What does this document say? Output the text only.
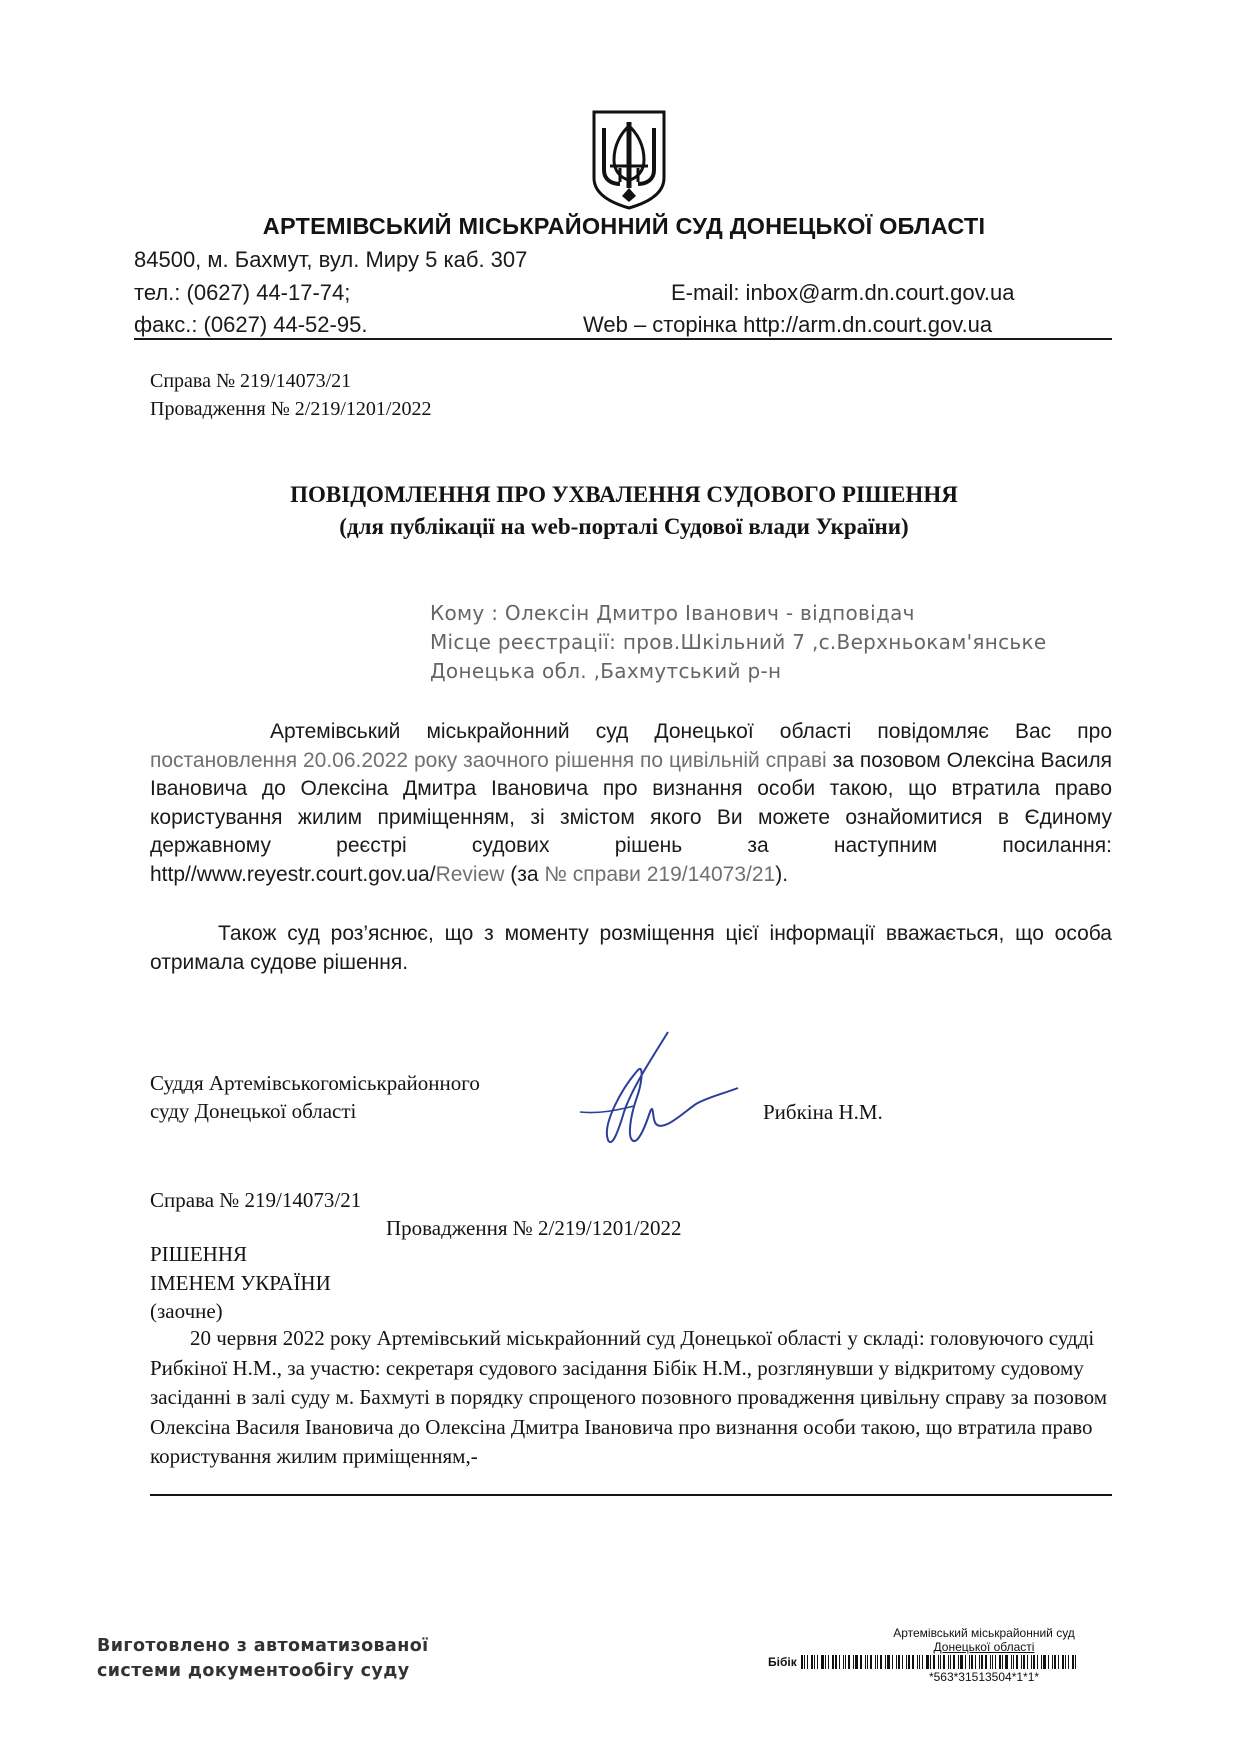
АРТЕМІВСЬКИЙ МІСЬКРАЙОННИЙ СУД ДОНЕЦЬКОЇ ОБЛАСТІ
84500, м. Бахмут, вул. Миру 5 каб. 307
тел.: (0627) 44-17-74;
факс.: (0627) 44-52-95.
E-mail: inbox@arm.dn.court.gov.ua
Web – сторінка http://arm.dn.court.gov.ua
Справа № 219/14073/21
Провадження № 2/219/1201/2022
ПОВІДОМЛЕННЯ ПРО УХВАЛЕННЯ СУДОВОГО РІШЕННЯ
(для публікації на web-порталі Судової влади України)
Кому : Олексін Дмитро Іванович - відповідач
Місце реєстрації: пров.Шкільний 7 ,с.Верхньокам'янське
Донецька обл. ,Бахмутський р-н

Артемівський міськрайонний суд Донецької області повідомляє Вас про постановлення 20.06.2022 року заочного рішення по цивільній справі за позовом Олексіна Василя Івановича до Олексіна Дмитра Івановича про визнання особи такою, що втратила право користування жилим приміщенням, зі змістом якого Ви можете ознайомитися в Єдиному державному реєстрі судових рішень за наступним посилання: http//www.reyestr.court.gov.ua/Review (за № справи 219/14073/21).

Також суд роз’яснює, що з моменту розміщення цієї інформації вважається, що особа отримала судове рішення.

Суддя Артемівськогоміськрайонного
суду Донецької області	Рибкіна Н.М.
Справа № 219/14073/21
Провадження № 2/219/1201/2022
РІШЕННЯ
ІМЕНЕМ УКРАЇНИ
(заочне)

20 червня 2022 року Артемівський міськрайонний суд Донецької області у складі: головуючого судді Рибкіної Н.М., за участю: секретаря судового засідання Бібік Н.М., розглянувши у відкритому судовому засіданні в залі суду м. Бахмуті в порядку спрощеного позовного провадження цивільну справу за позовом Олексіна Василя Івановича до Олексіна Дмитра Івановича про визнання особи такою, що втратила право користування жилим приміщенням,-

Виготовлено з автоматизованої
системи документообігу суду
Артемівський міськрайонний суд
Донецької області
Бібік
*563*31513504*1*1*
